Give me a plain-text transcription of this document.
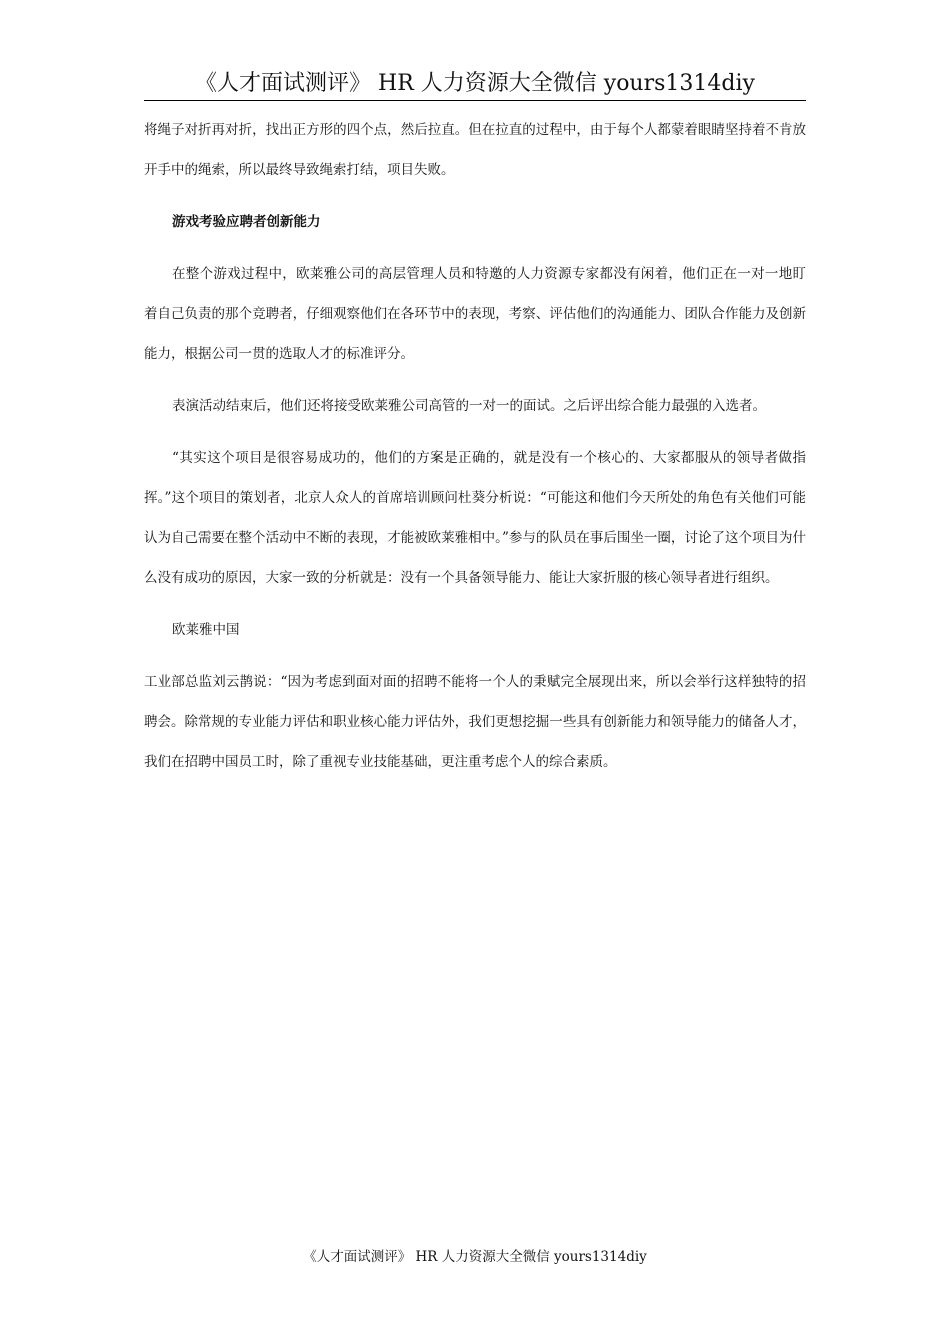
《人才面试测评》 HR 人力资源大全微信 yours1314diy

将绳子对折再对折，找出正方形的四个点，然后拉直。但在拉直的过程中，由于每个人都蒙着眼睛坚持着不肯放开手中的绳索，所以最终导致绳索打结，项目失败。

游戏考验应聘者创新能力

在整个游戏过程中，欧莱雅公司的高层管理人员和特邀的人力资源专家都没有闲着，他们正在一对一地盯着自己负责的那个竞聘者，仔细观察他们在各环节中的表现，考察、评估他们的沟通能力、团队合作能力及创新能力，根据公司一贯的选取人才的标准评分。

表演活动结束后，他们还将接受欧莱雅公司高管的一对一的面试。之后评出综合能力最强的入选者。

“其实这个项目是很容易成功的，他们的方案是正确的，就是没有一个核心的、大家都服从的领导者做指挥。”这个项目的策划者，北京人众人的首席培训顾问杜葵分析说：“可能这和他们今天所处的角色有关他们可能认为自己需要在整个活动中不断的表现，才能被欧莱雅相中。”参与的队员在事后围坐一圈，讨论了这个项目为什么没有成功的原因，大家一致的分析就是：没有一个具备领导能力、能让大家折服的核心领导者进行组织。

欧莱雅中国

工业部总监刘云鹊说：“因为考虑到面对面的招聘不能将一个人的秉赋完全展现出来，所以会举行这样独特的招聘会。除常规的专业能力评估和职业核心能力评估外，我们更想挖掘一些具有创新能力和领导能力的储备人才，我们在招聘中国员工时，除了重视专业技能基础，更注重考虑个人的综合素质。

《人才面试测评》 HR 人力资源大全微信 yours1314diy
